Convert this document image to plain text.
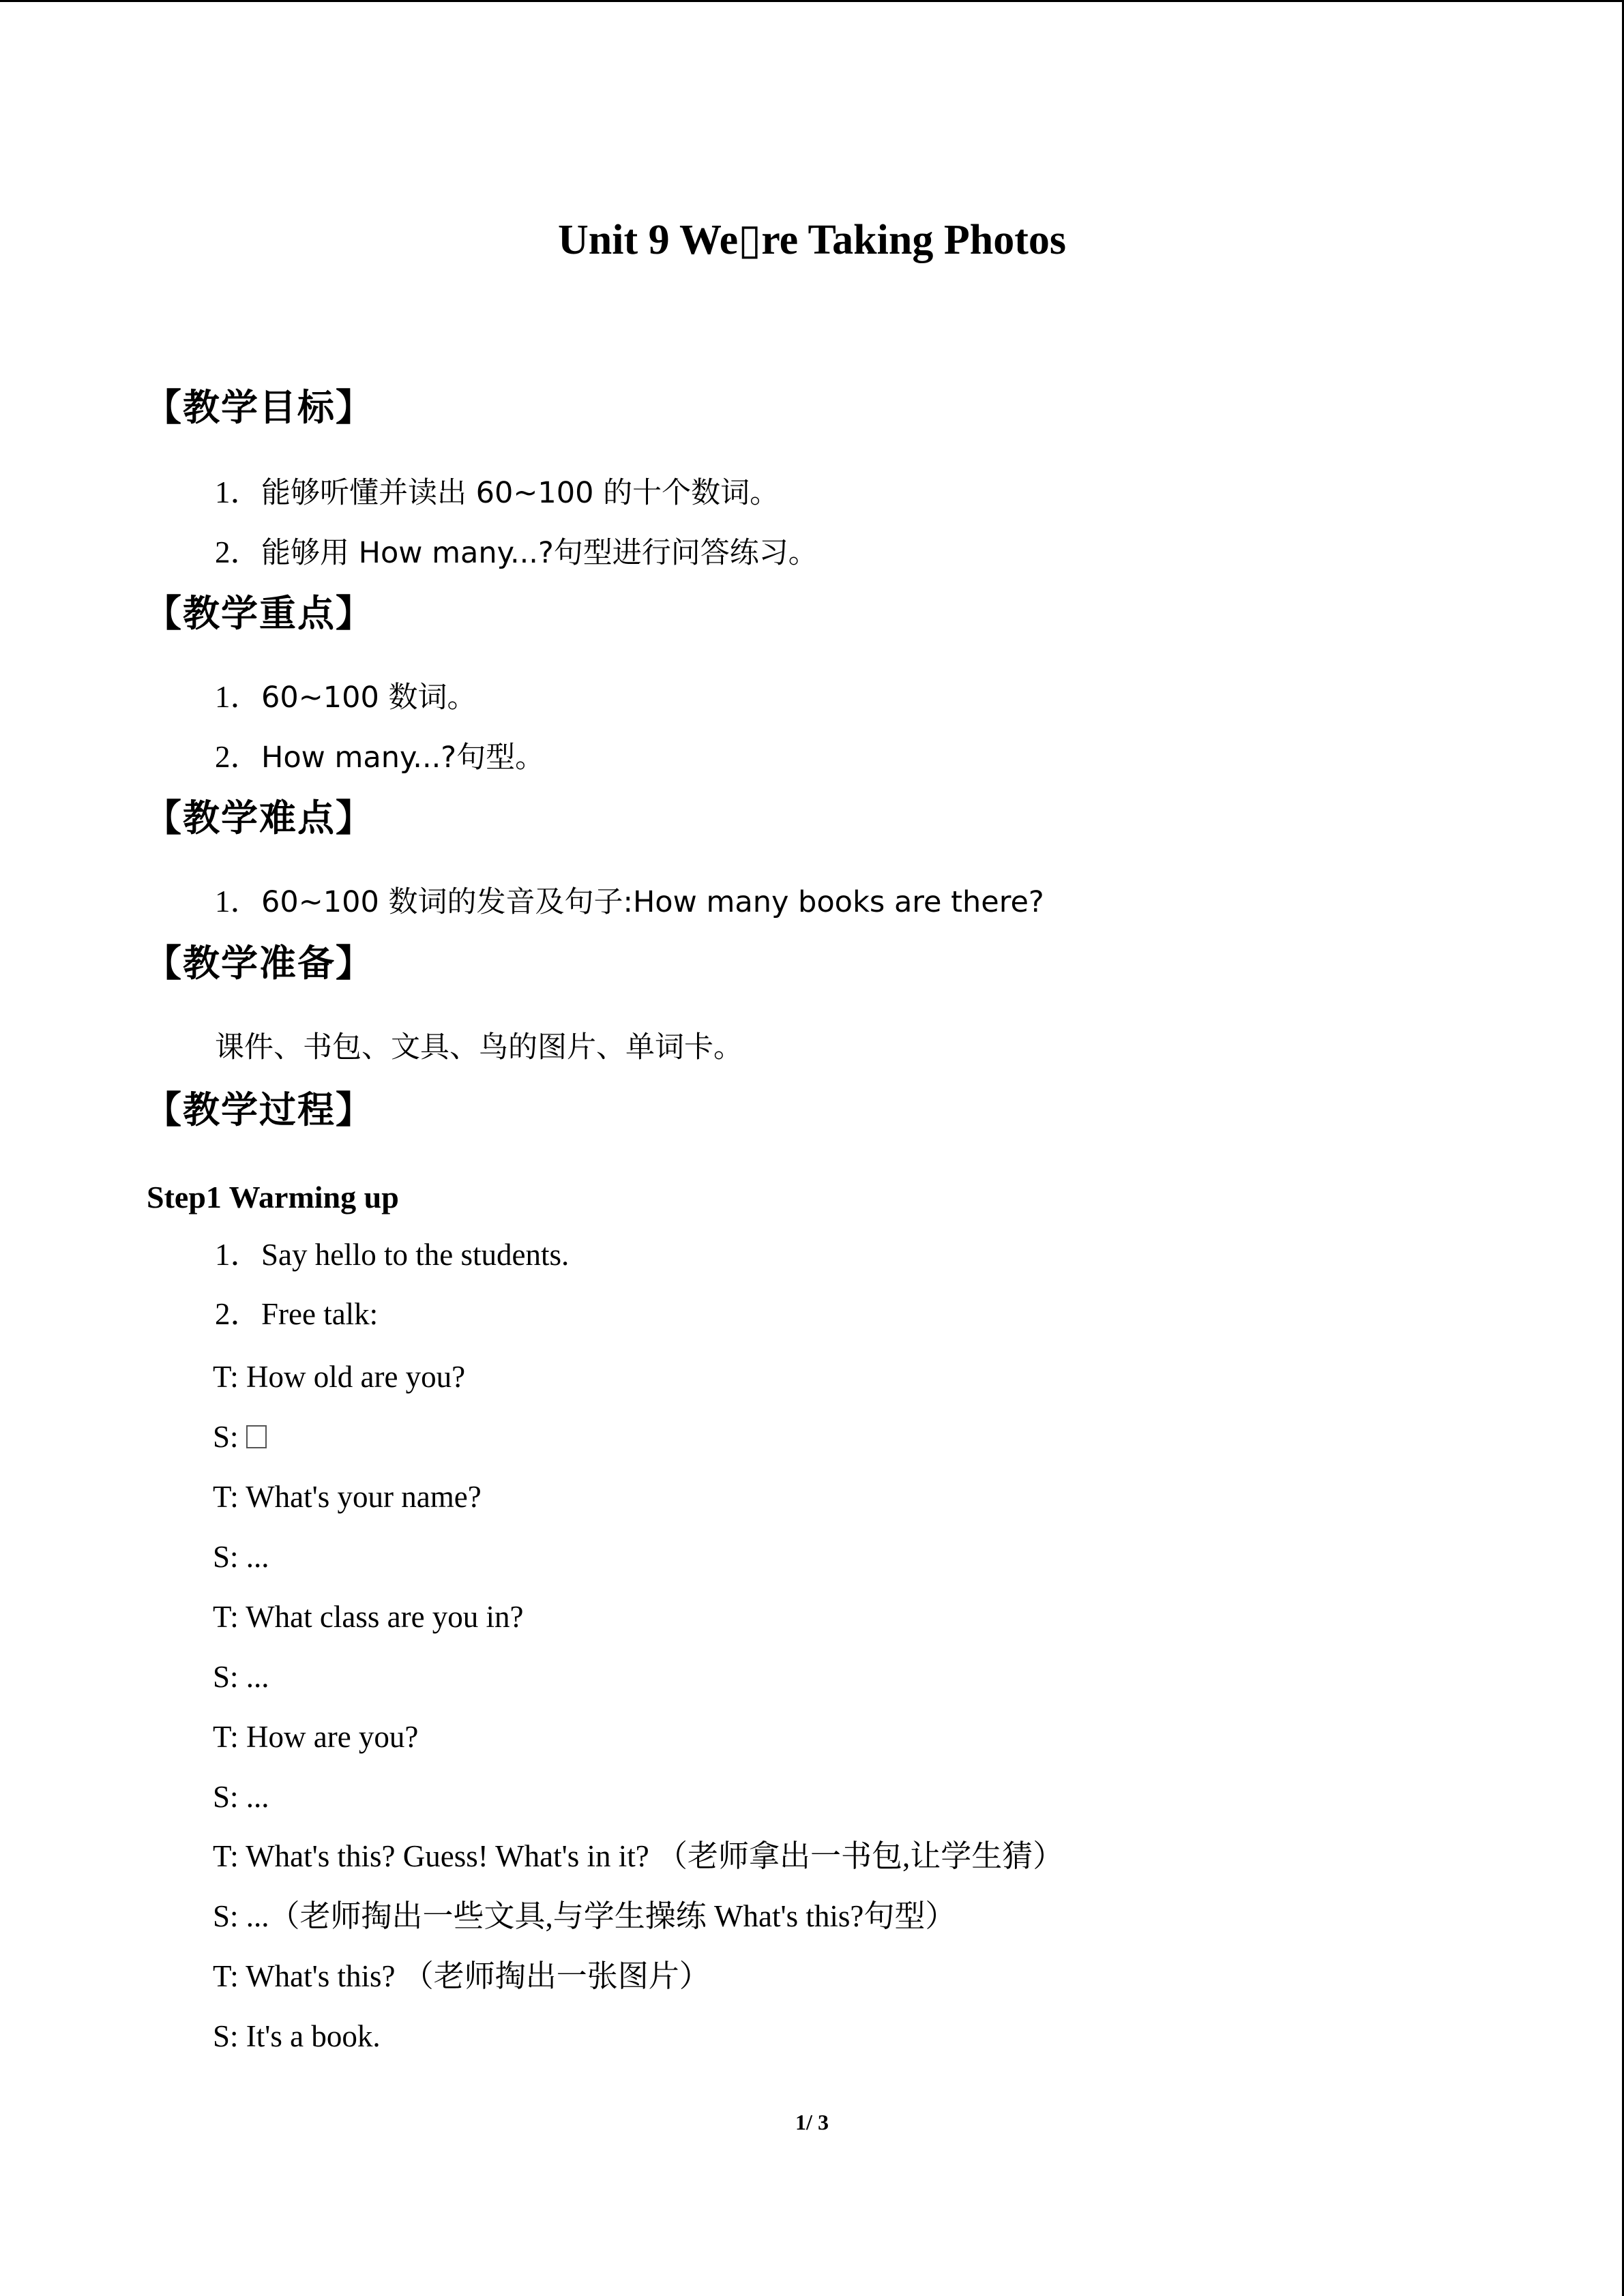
Unit 9 We▯re Taking Photos
【教学目标】
1．能够听懂并读出 60~100 的十个数词。
2．能够用 How many...?句型进行问答练习。
【教学重点】
1．60~100 数词。
2．How many...?句型。
【教学难点】
1．60~100 数词的发音及句子:How many books are there?
【教学准备】
课件、书包、文具、鸟的图片、单词卡。
【教学过程】
Step1 Warming up
1．Say hello to the students.
2．Free talk:
T: How old are you?
S:
T: What's your name?
S: ...
T: What class are you in?
S: ...
T: How are you?
S: ...
T: What's this? Guess! What's in it? （老师拿出一书包,让学生猜）
S: ...（老师掏出一些文具,与学生操练 What's this?句型）
T: What's this? （老师掏出一张图片）
S: It's a book.
1/ 3
